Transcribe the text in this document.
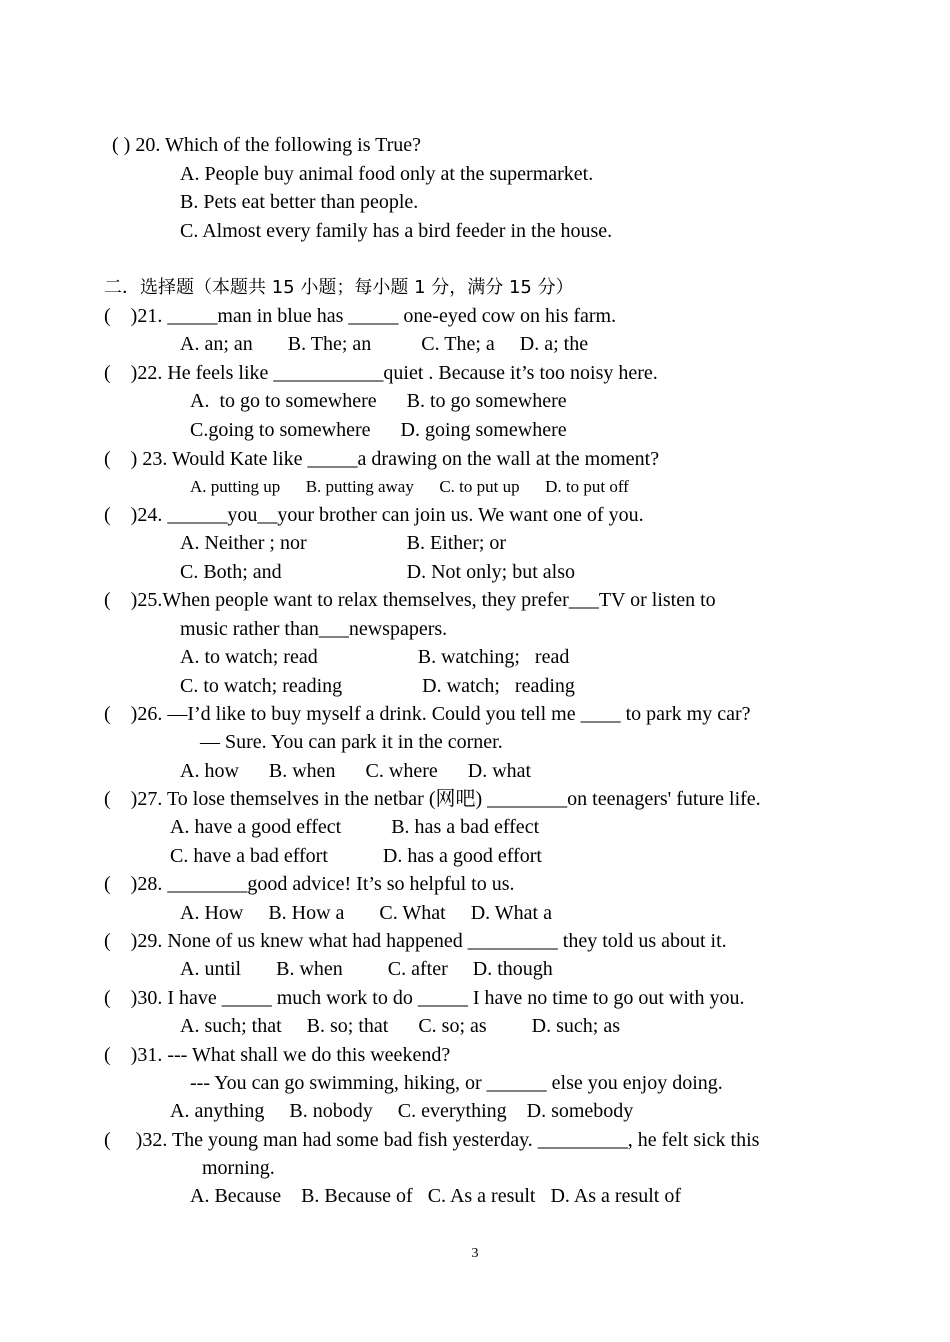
( ) 20. Which of the following is True?
A. People buy animal food only at the supermarket.
B. Pets eat better than people.
C. Almost every family has a bird feeder in the house.
二．选择题（本题共 15 小题；每小题 1 分，满分 15 分）
(    )21. _____man in blue has _____ one-eyed cow on his farm.
A. an; an       B. The; an          C. The; a     D. a; the
(    )22. He feels like ___________quiet . Because it’s too noisy here.
A.  to go to somewhere      B. to go somewhere
C.going to somewhere      D. going somewhere
(    ) 23. Would Kate like _____a drawing on the wall at the moment?
A. putting up      B. putting away      C. to put up      D. to put off
(    )24. ______you__your brother can join us. We want one of you.
A. Neither ; nor                    B. Either; or
C. Both; and                         D. Not only; but also
(    )25.When people want to relax themselves, they prefer___TV or listen to
music rather than___newspapers.
A. to watch; read                    B. watching;   read
C. to watch; reading                D. watch;   reading
(    )26. —I’d like to buy myself a drink. Could you tell me ____ to park my car?
— Sure. You can park it in the corner.
A. how      B. when      C. where      D. what
(    )27. To lose themselves in the netbar (网吧) ________on teenagers' future life.
A. have a good effect          B. has a bad effect
C. have a bad effort           D. has a good effort
(    )28. ________good advice! It’s so helpful to us.
A. How     B. How a       C. What     D. What a
(    )29. None of us knew what had happened _________ they told us about it.
A. until       B. when         C. after     D. though
(    )30. I have _____ much work to do _____ I have no time to go out with you.
A. such; that     B. so; that      C. so; as         D. such; as
(    )31. --- What shall we do this weekend?
--- You can go swimming, hiking, or ______ else you enjoy doing.
A. anything     B. nobody     C. everything    D. somebody
(     )32. The young man had some bad fish yesterday. _________, he felt sick this
morning.
A. Because    B. Because of   C. As a result   D. As a result of
3
